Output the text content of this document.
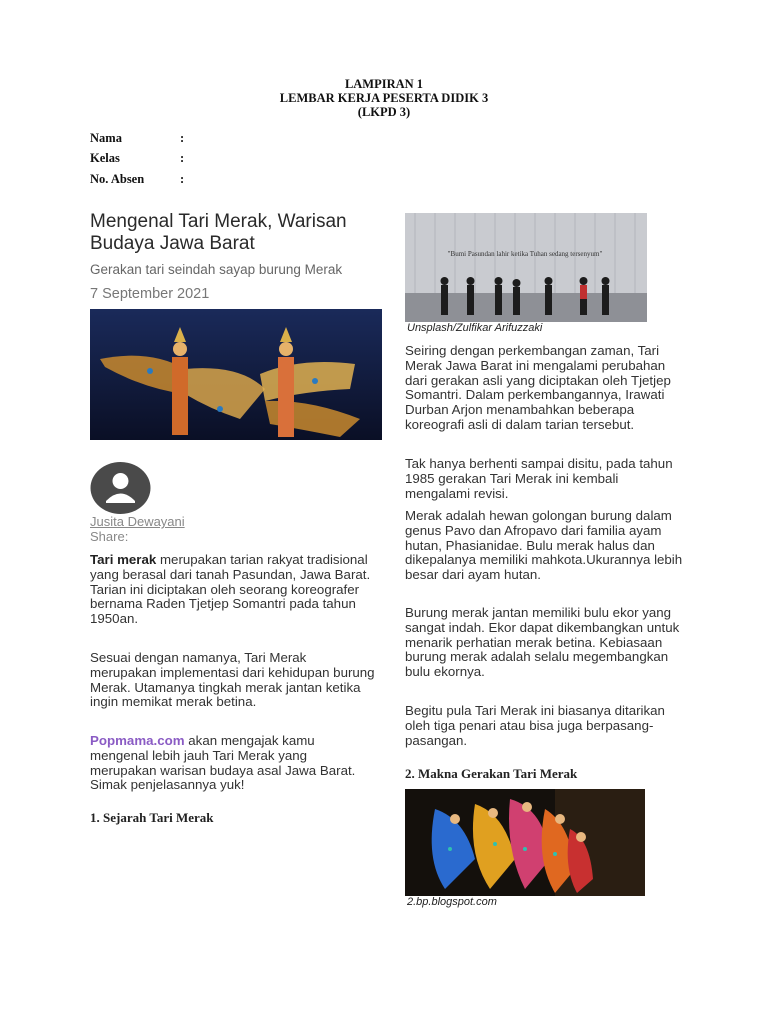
LAMPIRAN 1
LEMBAR KERJA PESERTA DIDIK 3
(LKPD 3)
Nama	:
Kelas	:
No. Absen	:
Mengenal Tari Merak, Warisan Budaya Jawa Barat
Gerakan tari seindah sayap burung Merak
7 September 2021
Jusita Dewayani
Share:
Tari merak merupakan tarian rakyat tradisional yang berasal dari tanah Pasundan, Jawa Barat. Tarian ini diciptakan oleh seorang koreografer bernama Raden Tjetjep Somantri pada tahun 1950an.
Sesuai dengan namanya, Tari Merak merupakan implementasi dari kehidupan burung Merak. Utamanya tingkah merak jantan ketika ingin memikat merak betina.
Popmama.com akan mengajak kamu mengenal lebih jauh Tari Merak yang merupakan warisan budaya asal Jawa Barat. Simak penjelasannya yuk!
1. Sejarah Tari Merak
"Bumi Pasundan lahir ketika Tuhan sedang tersenyum"
Unsplash/Zulfikar Arifuzzaki
Seiring dengan perkembangan zaman, Tari Merak Jawa Barat ini mengalami perubahan dari gerakan asli yang diciptakan oleh Tjetjep Somantri. Dalam perkembangannya, Irawati Durban Arjon menambahkan beberapa koreografi asli di dalam tarian tersebut.
Tak hanya berhenti sampai disitu, pada tahun 1985 gerakan Tari Merak ini kembali mengalami revisi.
Merak adalah hewan golongan burung dalam genus Pavo dan Afropavo dari familia ayam hutan, Phasianidae. Bulu merak halus dan dikepalanya memiliki mahkota.Ukurannya lebih besar dari ayam hutan.
Burung merak jantan memiliki bulu ekor yang sangat indah. Ekor dapat dikembangkan untuk menarik perhatian merak betina. Kebiasaan burung merak adalah selalu megembangkan bulu ekornya.
Begitu pula Tari Merak ini biasanya ditarikan oleh tiga penari atau bisa juga berpasang-pasangan.
2. Makna Gerakan Tari Merak
2.bp.blogspot.com
